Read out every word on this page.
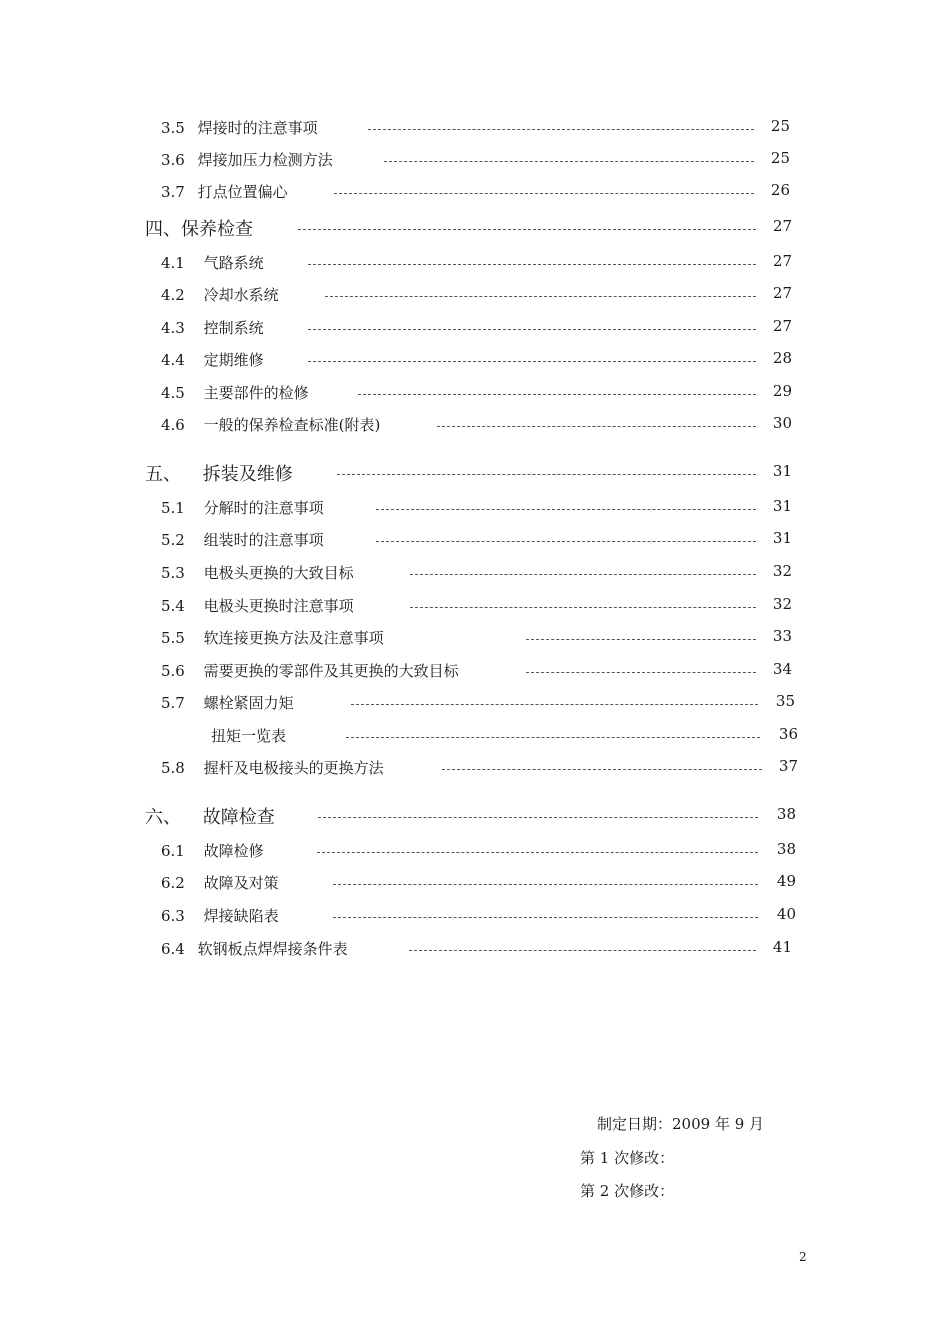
3.5 焊接时的注意事项	25
3.6 焊接加压力检测方法	25
3.7 打点位置偏心	26
四、保养检查	27
4.1 气路系统	27
4.2 冷却水系统	27
4.3 控制系统	27
4.4 定期维修	28
4.5 主要部件的检修	29
4.6 一般的保养检查标准(附表)	30
五、 拆装及维修	31
5.1 分解时的注意事项	31
5.2 组装时的注意事项	31
5.3 电极头更换的大致目标	32
5.4 电极头更换时注意事项	32
5.5 软连接更换方法及注意事项	33
5.6 需要更换的零部件及其更换的大致目标	34
5.7 螺栓紧固力矩	35
扭矩一览表	36
5.8 握杆及电极接头的更换方法	37
六、 故障检查	38
6.1 故障检修	38
6.2 故障及对策	49
6.3 焊接缺陷表	40
6.4 软钢板点焊焊接条件表	41
制定日期：2009 年 9 月
第 1 次修改：
第 2 次修改：
2
